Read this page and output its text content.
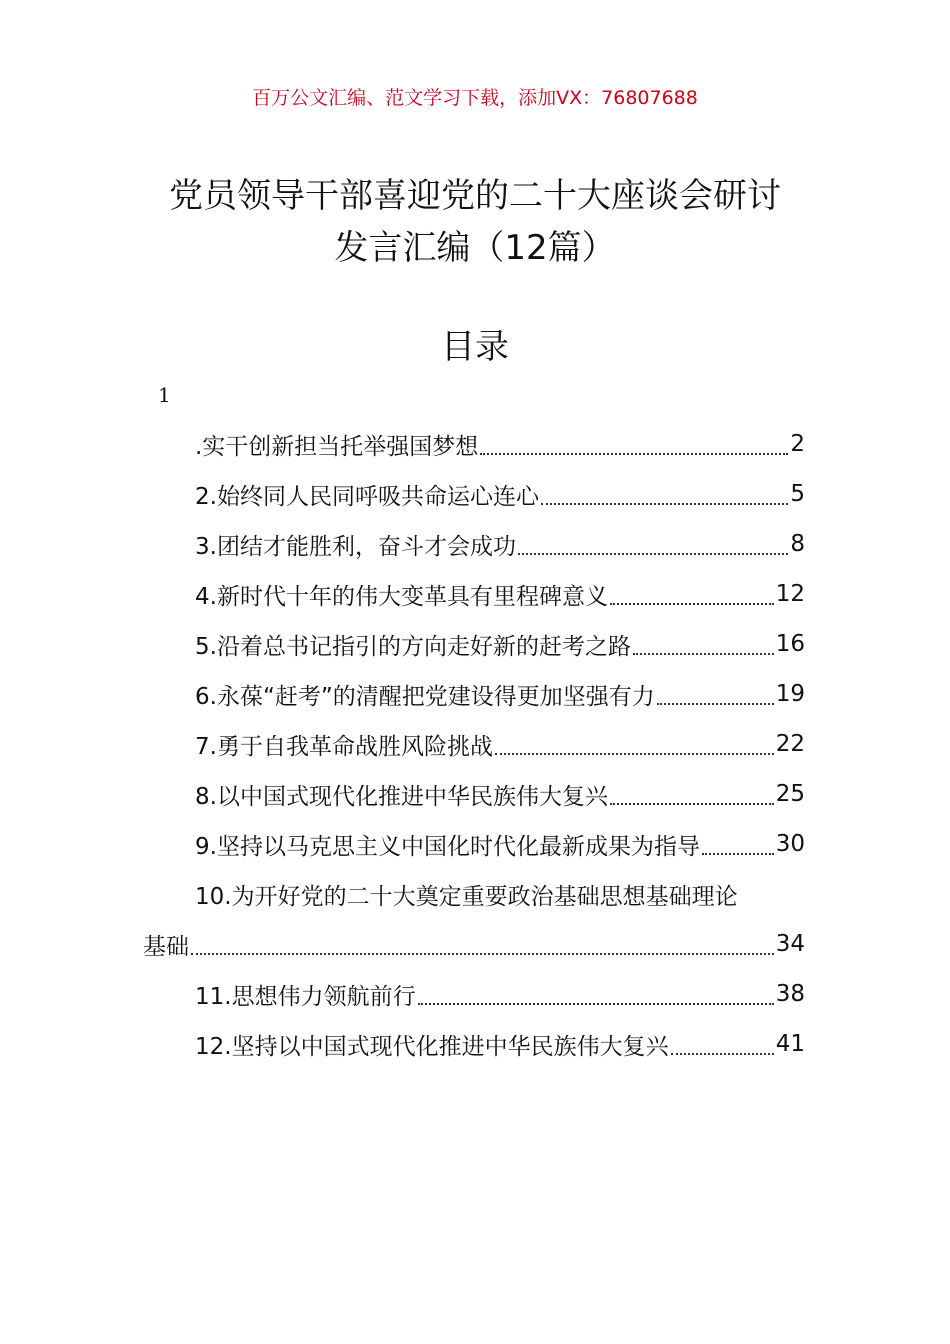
百万公文汇编、范文学习下载，添加VX：76807688
党员领导干部喜迎党的二十大座谈会研讨
发言汇编（12篇）
目录
1
.实干创新担当托举强国梦想	2
2.始终同人民同呼吸共命运心连心	5
3.团结才能胜利，奋斗才会成功	8
4.新时代十年的伟大变革具有里程碑意义	12
5.沿着总书记指引的方向走好新的赶考之路	16
6.永葆“赶考”的清醒把党建设得更加坚强有力	19
7.勇于自我革命战胜风险挑战	22
8.以中国式现代化推进中华民族伟大复兴	25
9.坚持以马克思主义中国化时代化最新成果为指导	30
10.为开好党的二十大奠定重要政治基础思想基础理论
基础	34
11.思想伟力领航前行	38
12.坚持以中国式现代化推进中华民族伟大复兴	41
